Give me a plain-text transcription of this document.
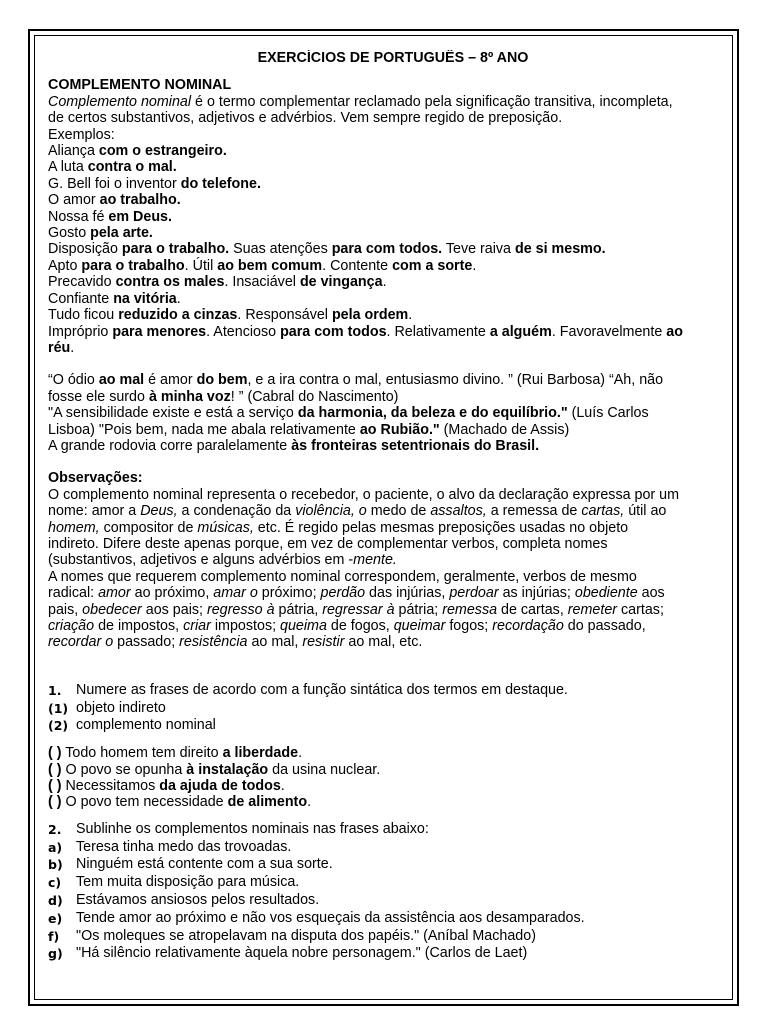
EXERCÍCIOS DE PORTUGUÊS – 8º ANO

COMPLEMENTO NOMINAL

Complemento nominal é o termo complementar reclamado pela significação transitiva, incompleta,

de certos substantivos, adjetivos e advérbios. Vem sempre regido de preposição.

Exemplos:

Aliança com o estrangeiro.

A luta contra o mal.

G. Bell foi o inventor do telefone.

O amor ao trabalho.

Nossa fé em Deus.

Gosto pela arte.

Disposição para o trabalho. Suas atenções para com todos. Teve raiva de si mesmo.

Apto para o trabalho. Útil ao bem comum. Contente com a sorte.

Precavido contra os males. Insaciável de vingança.

Confiante na vitória.

Tudo ficou reduzido a cinzas. Responsável pela ordem.

Impróprio para menores. Atencioso para com todos. Relativamente a alguém. Favoravelmente ao

réu.

“O ódio ao mal é amor do bem, e a ira contra o mal, entusiasmo divino. ” (Rui Barbosa) “Ah, não

fosse ele surdo à minha voz! ” (Cabral do Nascimento)

"A sensibilidade existe e está a serviço da harmonia, da beleza e do equilíbrio." (Luís Carlos

Lisboa) "Pois bem, nada me abala relativamente ao Rubião." (Machado de Assis)

A grande rodovia corre paralelamente às fronteiras setentrionais do Brasil.

Observações:

O complemento nominal representa o recebedor, o paciente, o alvo da declaração expressa por um

nome: amor a Deus, a condenação da violência, o medo de assaltos, a remessa de cartas, útil ao

homem, compositor de músicas, etc. É regido pelas mesmas preposições usadas no objeto

indireto. Difere deste apenas porque, em vez de complementar verbos, completa nomes

(substantivos, adjetivos e alguns advérbios em -mente.

A nomes que requerem complemento nominal correspondem, geralmente, verbos de mesmo

radical: amor ao próximo, amar o próximo; perdão das injúrias, perdoar as injúrias; obediente aos

pais, obedecer aos pais; regresso à pátria, regressar à pátria; remessa de cartas, remeter cartas;

criação de impostos, criar impostos; queima de fogos, queimar fogos; recordação do passado,

recordar o passado; resistência ao mal, resistir ao mal, etc.

1.	Numere as frases de acordo com a função sintática dos termos em destaque.
(1) objeto indireto
(2) complemento nominal

( ) Todo homem tem direito a liberdade.

( ) O povo se opunha à instalação da usina nuclear.

( ) Necessitamos da ajuda de todos.

( ) O povo tem necessidade de alimento.

2.	Sublinhe os complementos nominais nas frases abaixo:
a) Teresa tinha medo das trovoadas.
b) Ninguém está contente com a sua sorte.
c)	Tem muita disposição para música.
d) Estávamos ansiosos pelos resultados.
e) Tende amor ao próximo e não vos esqueçais da assistência aos desamparados.
f)	"Os moleques se atropelavam na disputa dos papéis." (Aníbal Machado)
g) "Há silêncio relativamente àquela nobre personagem." (Carlos de Laet)
